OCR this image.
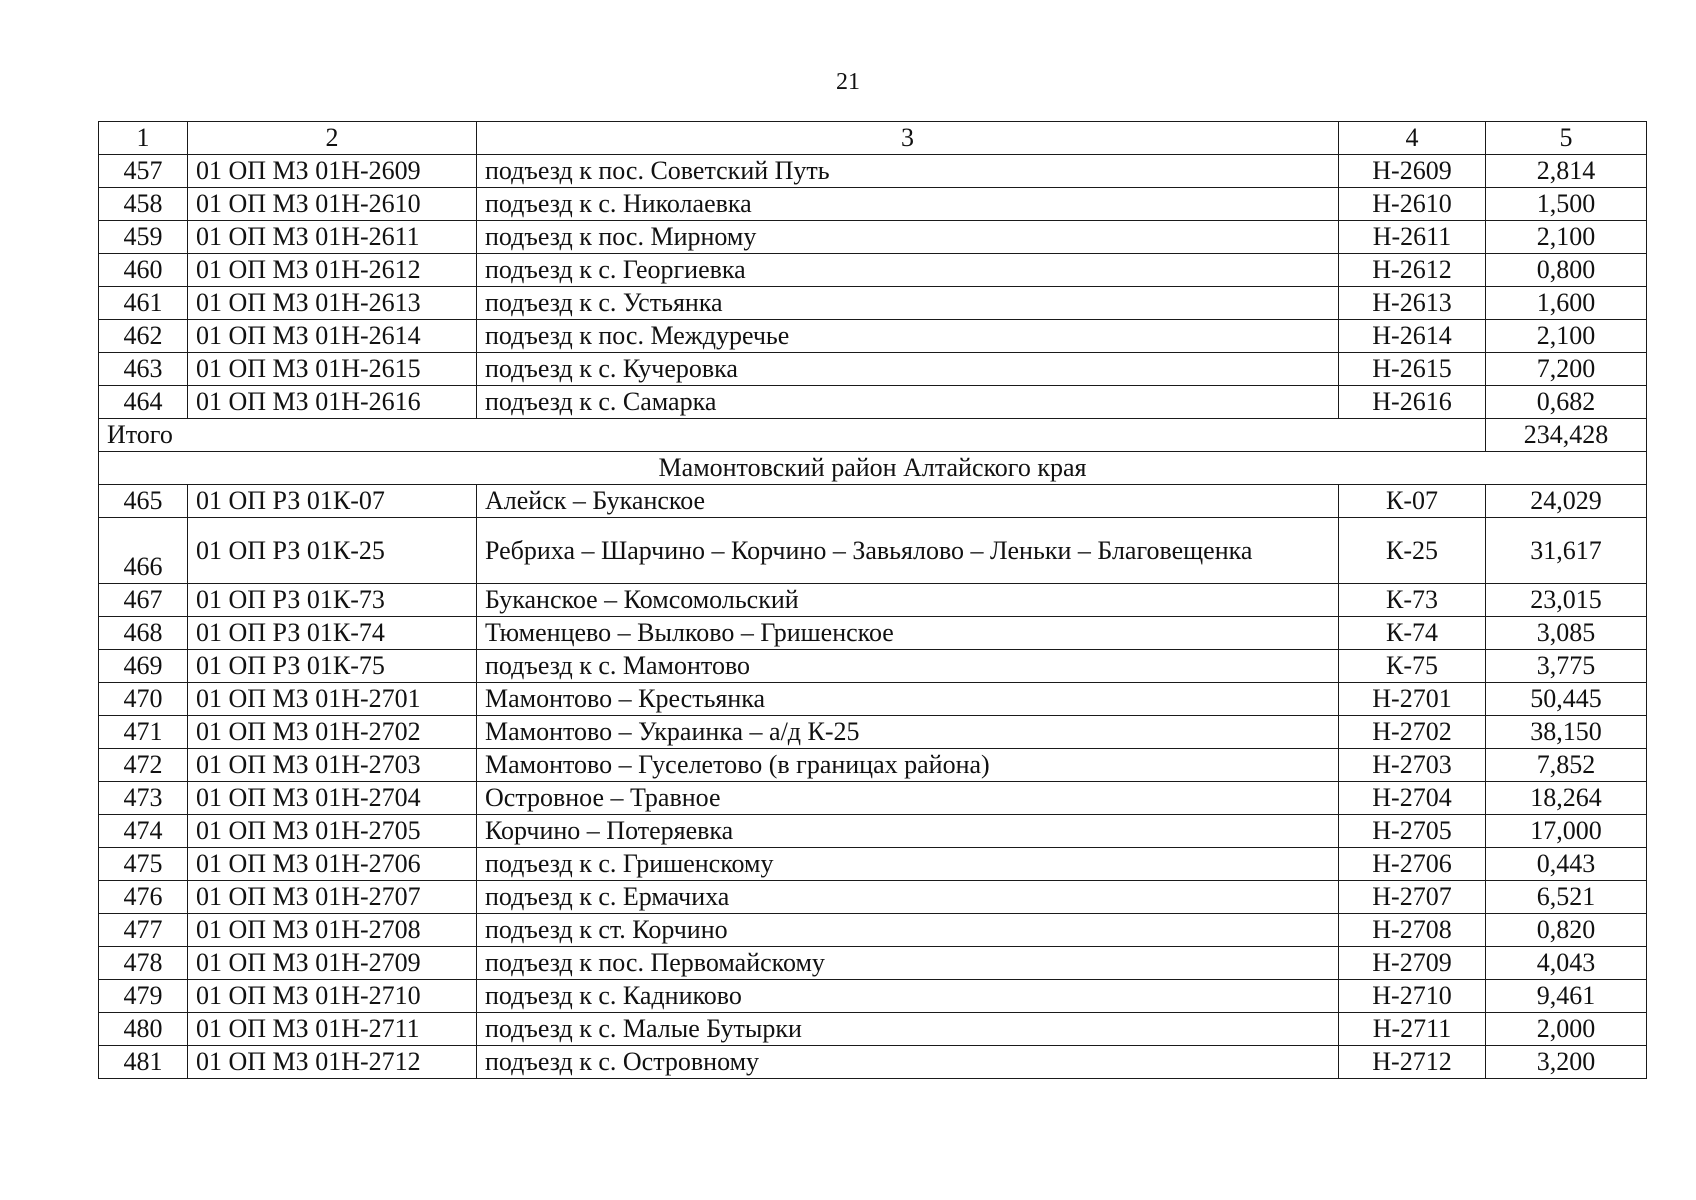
21
1	2	3	4	5
457	01 ОП МЗ 01Н-2609	подъезд к пос. Советский Путь	Н-2609	2,814
458	01 ОП МЗ 01Н-2610	подъезд к с. Николаевка	Н-2610	1,500
459	01 ОП МЗ 01Н-2611	подъезд к пос. Мирному	Н-2611	2,100
460	01 ОП МЗ 01Н-2612	подъезд к с. Георгиевка	Н-2612	0,800
461	01 ОП МЗ 01Н-2613	подъезд к с. Устьянка	Н-2613	1,600
462	01 ОП МЗ 01Н-2614	подъезд к пос. Междуречье	Н-2614	2,100
463	01 ОП МЗ 01Н-2615	подъезд к с. Кучеровка	Н-2615	7,200
464	01 ОП МЗ 01Н-2616	подъезд к с. Самарка	Н-2616	0,682
Итого				234,428
Мамонтовский район Алтайского края				
465	01 ОП РЗ 01К-07	Алейск – Буканское	К-07	24,029
466	01 ОП РЗ 01К-25	Ребриха – Шарчино – Корчино – Завьялово – Леньки – Благовещенка	К-25	31,617
467	01 ОП РЗ 01К-73	Буканское – Комсомольский	К-73	23,015
468	01 ОП РЗ 01К-74	Тюменцево – Вылково – Гришенское	К-74	3,085
469	01 ОП РЗ 01К-75	подъезд к с. Мамонтово	К-75	3,775
470	01 ОП МЗ 01Н-2701	Мамонтово – Крестьянка	Н-2701	50,445
471	01 ОП МЗ 01Н-2702	Мамонтово – Украинка – а/д К-25	Н-2702	38,150
472	01 ОП МЗ 01Н-2703	Мамонтово – Гуселетово (в границах района)	Н-2703	7,852
473	01 ОП МЗ 01Н-2704	Островное – Травное	Н-2704	18,264
474	01 ОП МЗ 01Н-2705	Корчино – Потеряевка	Н-2705	17,000
475	01 ОП МЗ 01Н-2706	подъезд к с. Гришенскому	Н-2706	0,443
476	01 ОП МЗ 01Н-2707	подъезд к с. Ермачиха	Н-2707	6,521
477	01 ОП МЗ 01Н-2708	подъезд к ст. Корчино	Н-2708	0,820
478	01 ОП МЗ 01Н-2709	подъезд к пос. Первомайскому	Н-2709	4,043
479	01 ОП МЗ 01Н-2710	подъезд к с. Кадниково	Н-2710	9,461
480	01 ОП МЗ 01Н-2711	подъезд к с. Малые Бутырки	Н-2711	2,000
481	01 ОП МЗ 01Н-2712	подъезд к с. Островному	Н-2712	3,200
